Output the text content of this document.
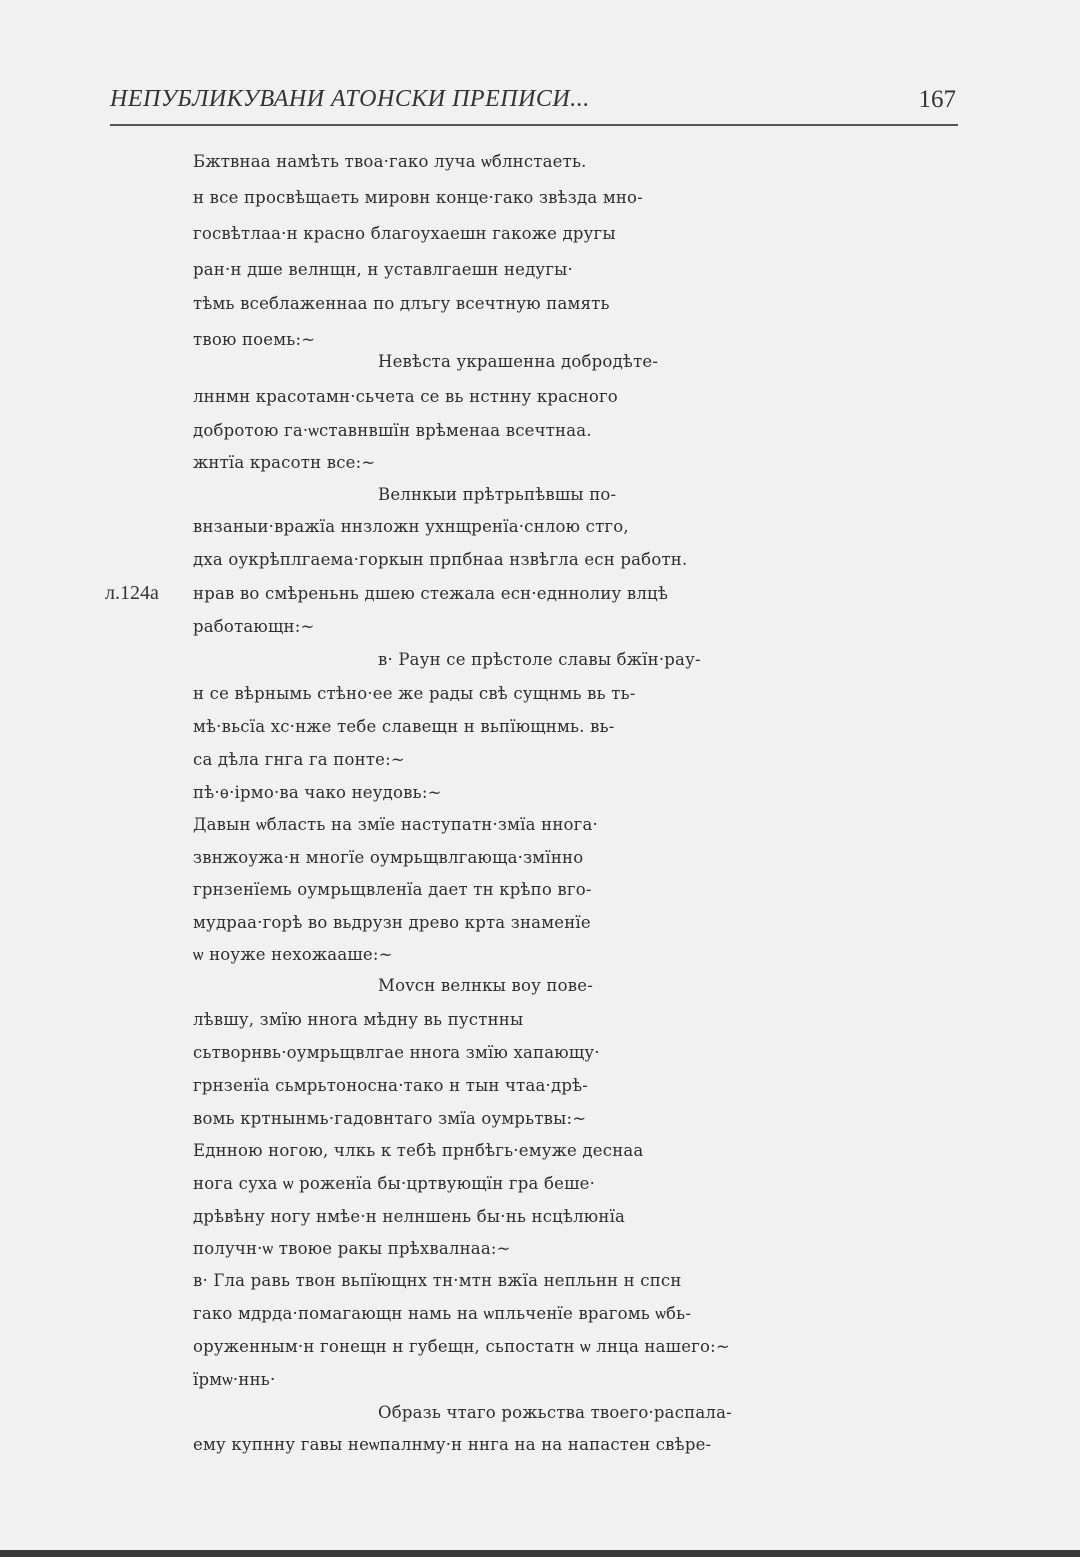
НЕПУБЛИКУВАНИ АТОНСКИ ПРЕПИСИ...	167
л.124а
Бжтвнаа намѣть твоа·гако луча ѡблнстаеть.
н все просвѣщаеть мировн конце·гако звѣзда мно-
госвѣтлаа·н красно благоухаешн гакоже другы
ран·н дше велнщн, н уставлгаешн недугы·
тѣмь всеблаженнаа по длъгу всечтную память
твою поемь:~
Невѣста украшенна добродѣте-
лннмн красотамн·сьчета се вь нстнну красного
добротою га·ѡставнвшїн врѣменаа всечтнаа.
жнтїа красотн все:~
Велнкыи прѣтрьпѣвшы по-
внзаныи·вражїа ннзложн ухнщренїа·снлою стго,
дха оукрѣплгаема·горкын прпбнаа нзвѣгла есн работн.
нрав во смѣреньнь дшею стежала есн·едннолиу влцѣ
работающн:~
в· Раун се прѣстоле славы бжїн·рау-
н се вѣрнымь стѣно·ее же рады свѣ сущнмь вь ть-
мѣ·вьсїа хс·нже тебе славещн н вьпїющнмь. вь-
са дѣла гнга га понте:~
пѣ·ѳ·ірмо·ва чако неудовь:~
Давын ѡбласть на змїе наступатн·змїа ннога·
звнжоужа·н многїе оумрьщвлгающа·змїнно
грнзенїемь оумрьщвленїа дает тн крѣпо вго-
мудраа·горѣ во вьдрузн древо крта знаменїе
ѡ ноуже нехожааше:~
Моvсн велнкы вoу пове-
лѣвшу, змїю нноrа мѣдну вь пустнны
сьтворнвь·оумрьщвлгае нноrа змїю хапающу·
грнзенїа сьмрьтоносна·тако н тын чтаа·дрѣ-
вомь кртнынмь·гадовнтаго змїа оумрьтвы:~
Еднною ногою, члкь к тебѣ прнбѣгь·емуже деснаа
нога суха ѡ роженїа бы·цртвующїн гра беше·
дрѣвѣну ногу нмѣе·н нелншень бы·нь нсцѣлюнїа
получн·ѡ твоюе ракы прѣхвалнаа:~
в· Гла равь твон вьпїющнх тн·мтн вжїа непльнн н спсн
гако мдрда·помагающн намь на ѡпльченїе врагомь ѡбь-
оруженным·н гонещн н губещн, сьпостатн ѡ лнца нашего:~
їрмѡ·ннь·
Образь чтаго рожьства твоего·распала-
ему купнну гавы неѡпалнму·н ннга на на напастен свѣре-
